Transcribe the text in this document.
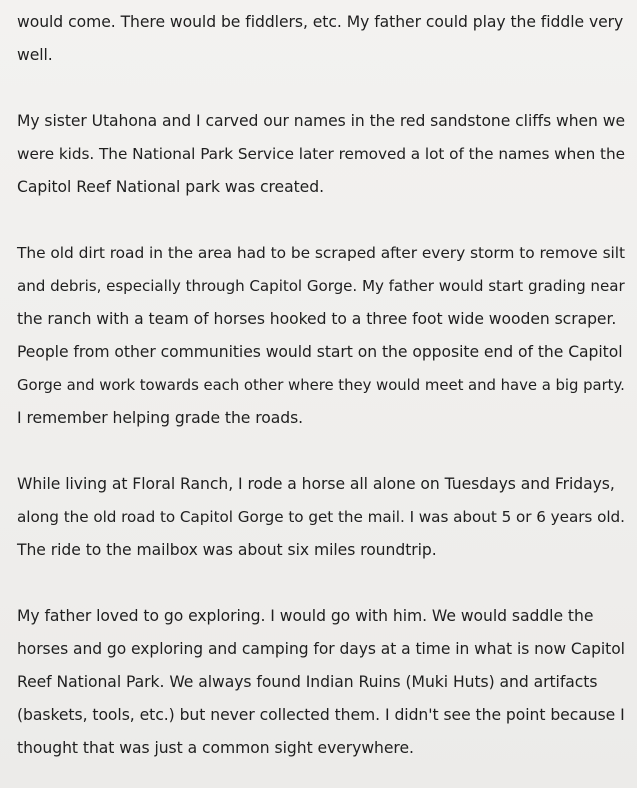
would come. There would be fiddlers, etc. My father could play the fiddle very
well.
My sister Utahona and I carved our names in the red sandstone cliffs when we
were kids. The National Park Service later removed a lot of the names when the
Capitol Reef National park was created.
The old dirt road in the area had to be scraped after every storm to remove silt
and debris, especially through Capitol Gorge. My father would start grading near
the ranch with a team of horses hooked to a three foot wide wooden scraper.
People from other communities would start on the opposite end of the Capitol
Gorge and work towards each other where they would meet and have a big party.
I remember helping grade the roads.
While living at Floral Ranch, I rode a horse all alone on Tuesdays and Fridays,
along the old road to Capitol Gorge to get the mail. I was about 5 or 6 years old.
The ride to the mailbox was about six miles roundtrip.
My father loved to go exploring. I would go with him. We would saddle the
horses and go exploring and camping for days at a time in what is now Capitol
Reef National Park. We always found Indian Ruins (Muki Huts) and artifacts
(baskets, tools, etc.) but never collected them. I didn't see the point because I
thought that was just a common sight everywhere.
